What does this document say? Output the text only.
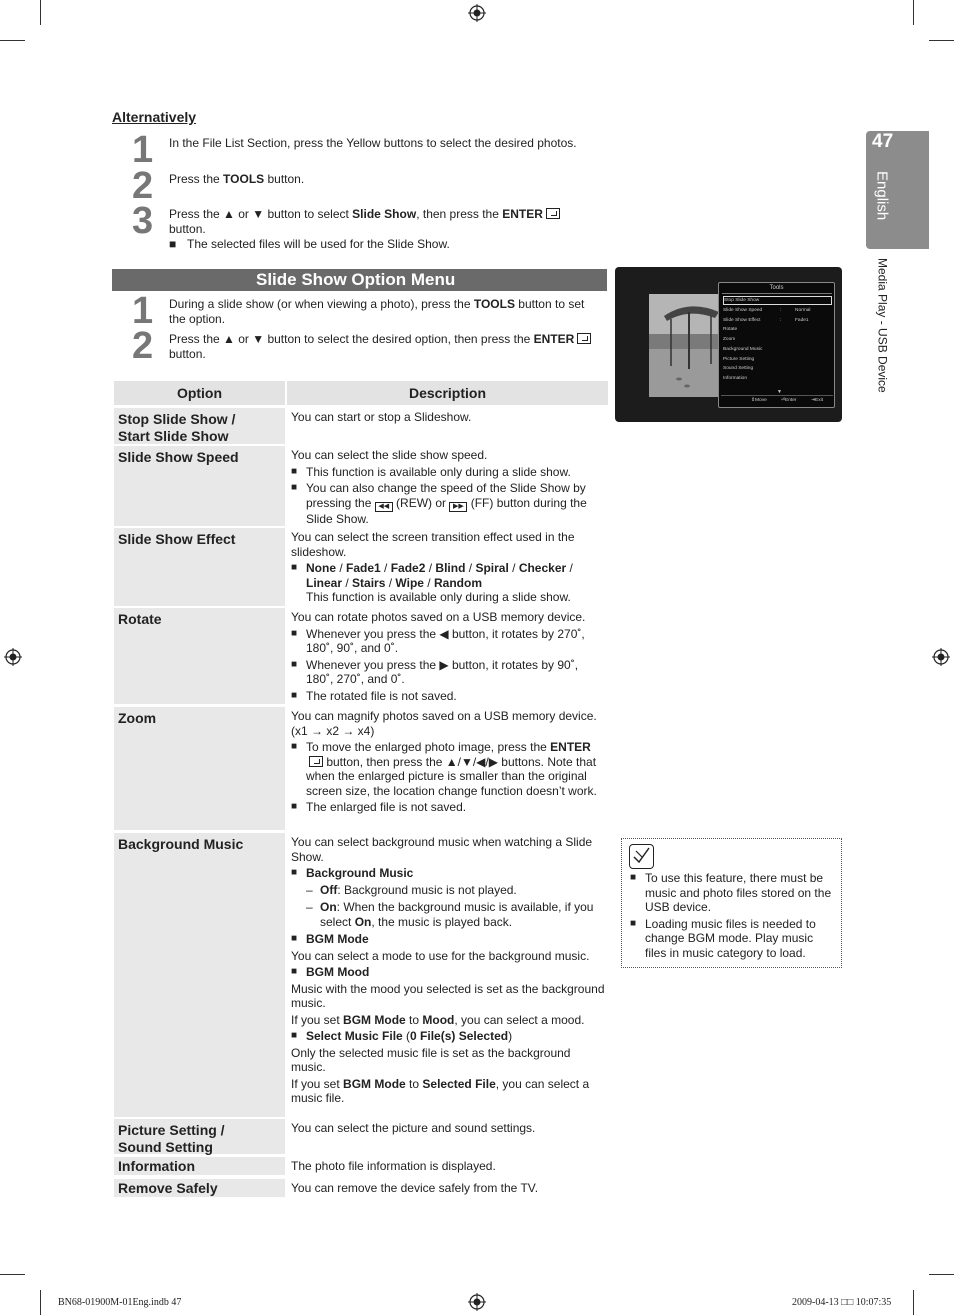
Alternatively
1 In the File List Section, press the Yellow buttons to select the desired photos.
2 Press the TOOLS button.
3 Press the ▲ or ▼ button to select Slide Show, then press the ENTER
button.
■ The selected files will be used for the Slide Show.
Slide Show Option Menu
1 During a slide show (or when viewing a photo), press the TOOLS button to set the option.
2 Press the ▲ or ▼ button to select the desired option, then press the ENTER
button.
47
English
Media Play - USB Device
Tools
Stop Slide Show
Slide Show Speed	:	Normal
Slide Show Effect	:	Fade1
Rotate
Zoom
Background Music
Picture Setting
Sound Setting
Information
▼
⇕ Move	⏎ Enter	⇥ Exit
Option	Description
Stop Slide Show /
Start Slide Show

You can start or stop a Slideshow.

Slide Show Speed	You can select the slide show speed.

■ This function is available only during a slide show.
■ You can also change the speed of the Slide Show by pressing the ◀◀ (REW) or ▶▶ (FF) button during the Slide Show.
Slide Show Effect	You can select the screen transition effect used in the slideshow.

■ None / Fade1 / Fade2 / Blind / Spiral / Checker /
Linear / Stairs / Wipe / Random
This function is available only during a slide show.
Rotate	You can rotate photos saved on a USB memory device.

■ Whenever you press the ◀ button, it rotates by 270˚, 180˚, 90˚, and 0˚.
■ Whenever you press the ▶ button, it rotates by 90˚, 180˚, 270˚, and 0˚.
■ The rotated file is not saved.
Zoom	You can magnify photos saved on a USB memory device. (x1 → x2 → x4)

■ To move the enlarged photo image, press the ENTER button, then press the ▲/▼/◀/▶ buttons. Note that when the enlarged picture is smaller than the original screen size, the location change function doesn’t work.
■ The enlarged file is not saved.
Background Music	You can select background music when watching a Slide Show.

■ Background Music
– Off: Background music is not played.
– On: When the background music is available, if you select On, the music is played back.
■ BGM Mode

You can select a mode to use for the background music.

■ BGM Mood

Music with the mood you selected is set as the background music.

If you set BGM Mode to Mood, you can select a mood.

■ Select Music File (0 File(s) Selected)

Only the selected music file is set as the background music.

If you set BGM Mode to Selected File, you can select a music file.

Picture Setting /
Sound Setting

You can select the picture and sound settings.

Information	The photo file information is displayed.

Remove Safely	You can remove the device safely from the TV.

■ To use this feature, there must be music and photo files stored on the USB device.
■ Loading music files is needed to change BGM mode. Play music files in music category to load.
BN68-01900M-01Eng.indb 47	2009-04-13 □□ 10:07:35
